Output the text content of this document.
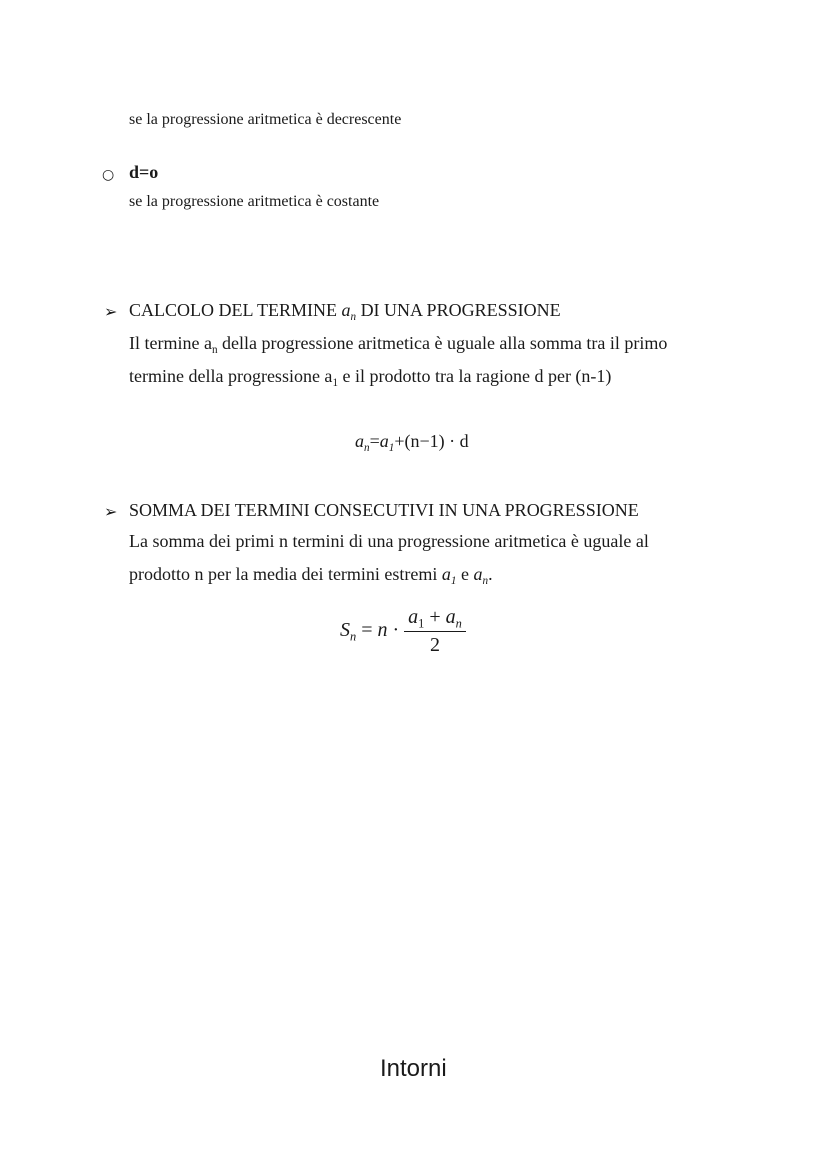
se la progressione aritmetica è decrescente
○ d=o
se la progressione aritmetica è costante
➢ CALCOLO DEL TERMINE $a_n$ DI UNA PROGRESSIONE
Il termine $a_n$ della progressione aritmetica è uguale alla somma tra il primo
termine della progressione $a_1$ e il prodotto tra la ragione d per (n-1)
$a_n=a_1+(n-1) \cdot d$
➢ SOMMA DEI TERMINI CONSECUTIVI IN UNA PROGRESSIONE
La somma dei primi n termini di una progressione aritmetica è uguale al
prodotto n per la media dei termini estremi $a_1$ e $a_n$.
$S_n = n \cdot \frac{a_1 + a_n}{2}$
Intorni
